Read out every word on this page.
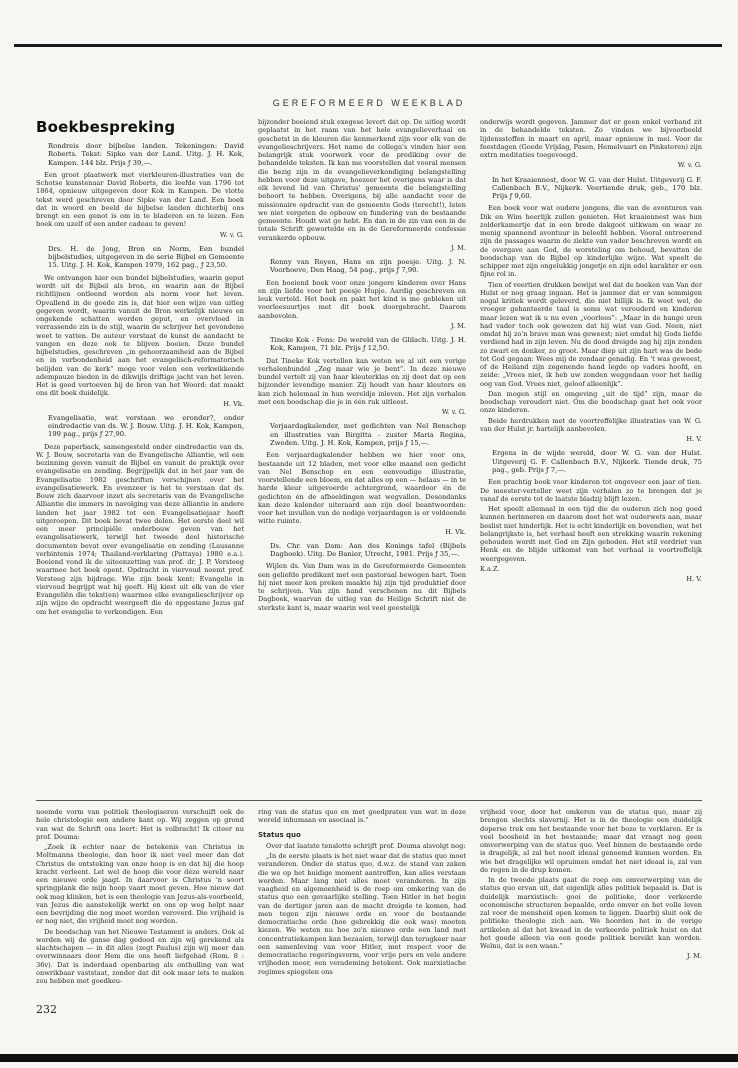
GEREFORMEERD WEEKBLAD
Boekbespreking
Rondreis door bijbelse landen. Tekeningen: David Roberts. Tekst: Sipke van der Land. Uitg. J. H. Kok, Kampen. 144 blz. Prijs ƒ 39,—.

Een groot plaatwerk met vierkleuren-illustraties van de Schotse kunstenaar David Roberts, die leefde van 1796 tot 1864, opnieuw uitgegeven door Kok in Kampen. De vlotte tekst werd geschreven door Sipke van der Land. Een boek dat in woord en beeld de bijbelse landen dichterbij ons brengt en een genot is om in te bladeren en te lezen. Een boek om uzelf of een ander cadeau te geven!

W. v. G.

Drs. H. de Jong, Bron en Norm, Een bundel bijbelstudies, uitgegeven in de serie Bijbel en Gemeente 15. Uitg. J. H. Kok, Kampen 1979, 162 pag., ƒ 23,50.

We ontvangen hier een bundel bijbelstudies, waarin geput wordt uit de Bijbel als bron, en waarin aan de Bijbel richtlijnen ontleend worden als norm voor het leven. Opvallend in de goede zin is, dat hier een wijze van uitleg gegeven wordt, waarin vanuit de Bron werkelijk nieuwe en ongekende schatten worden geput, en overvloed in verrassende zin is de stijl, waarin de schrijver het gevondene weet te vatten. De auteur verstaat de kunst de aandacht te vangen en deze ook te blijven boeien. Deze bundel bijbelstudies, geschreven „in gehoorzaamheid aan de Bijbel en in verbondenheid aan het evangelisch-reformatorisch belijden van de kerk” moge voor velen een verkwikkende adempauze bieden in de dikwijls driftige jacht van het leven. Het is goed vertoeven bij de bron van het Woord: dat maakt ons dit boek duidelijk.

H. Vk.

Evangelisatie, wat verstaan we eronder?, onder eindredactie van ds. W. J. Bouw. Uitg. J. H. Kok, Kampen, 199 pag., prijs ƒ 27,90.

Deze paperback, samengesteld onder eindredactie van ds. W. J. Bouw, secretaris van de Evangelische Alliantie, wil een bezinning geven vanuit de Bijbel en vanuit de praktijk over evangelisatie en zending. Begrijpelijk dat in het jaar van de Evangelisatie 1982 geschriften verschijnen over het evangelisatiewerk. En evenzeer is het te verstaan dat ds. Bouw zich daarvoor inzet als secretaris van de Evangelische Alliantie die immers in navolging van deze alliantie in andere landen het jaar 1982 tot een Evangelisatiejaar heeft uitgeroepen. Dit boek bevat twee delen. Het eerste deel wil een meer principiële onderbouw geven van het evangelisatiewerk, terwijl het tweede deel historische documenten bevat over evangelisatie en zending (Lausanne verbintenis 1974; Thailand-verklaring (Pattaya) 1980 e.a.). Boeiend vond ik de uiteenzetting van prof. dr. J. P. Versteeg waarmee het boek opent. Opdracht in viervoud noemt prof. Versteeg zijn bijdrage. Wie zijn boek kent: Evangelie in viervoud begrijpt wat hij geeft. Hij kiest uit elk van de vier Evangeliën die tekst(en) waarmee elke evangelieschrijver op zijn wijze de opdracht weergeeft die de opgestane Jezus gaf om het evangelie te verkondigen. Een

bijzonder boeiend stuk exegese levert dat op. De uitleg wordt geplaatst in het raam van het hele evangelieverhaal en geschetst in de kleuren die kenmerkend zijn voor elk van de evangelieschrijvers. Het name de collega's vinden hier een belangrijk stuk voorwerk voor de prediking over de behandelde teksten. Ik kan me voorstellen dat vooral mensen die bezig zijn in de evangelieverkondiging belangstelling hebben voor deze uitgave, hoezeer het overigens waar is dat elk levend lid van Christus' gemeente die belangstelling behoort te hebben. Overigens, bij alle aandacht voor de missionaire opdracht van de gemeente Gods (terecht!), laten we niet vergeten de opbouw en fundering van de bestaande gemeente. Houdt wat ge hebt. En dan in de zin van een in de totale Schrift gewortelde en in de Gereformeerde confessie verankerde opbouw.

J. M.

Renny van Royen, Hans en zijn poesje. Uitg. J. N. Voorhoeve, Den Haag, 54 pag., prijs ƒ 7,90.

Een boeiend boek voor onze jongere kinderen over Hans en zijn liefde voor het poesje Hupje. Aardig geschreven en leuk verteld. Het boek en pakt het kind is me gebleken uit voorleesuurtjes met dit boek doorgebracht. Daarom aanbevolen.

J. M.

Tineke Kok - Fens: De wereld van de Glilach. Uitg. J. H. Kok, Kampen, 71 blz. Prijs ƒ 12,50.

Dat Tineke Kok vertellen kan weten we al uit een vorige verhalenbundel „Zeg maar wie je bent”. In deze nieuwe bundel vertelt zij van haar kleuterklas en zij doet dat op een bijzonder levendige manier. Zij houdt van haar kleuters en kan zich helemaal in hun wereldje inleven. Het zijn verhalen met een boodschap die je in één ruk uitleest.

W. v. G.

Verjaardagkalender, met gedichten van Nel Benschop en illustraties van Birgitta - zuster Maria Regina, Zweden. Uitg. J. H. Kok, Kampen, prijs ƒ 15,—.

Een verjaardagkalender hebben we hier voor ons, bestaande uit 12 bladen, met voor elke maand een gedicht van Nel Benschop en een eenvoudige illustratie, voorstellende een bloem, en dat alles op een — helaas — in te harde kleur uitgevoerde achtergrond, waardoor én de gedichten én de afbeeldingen wat wegvallen. Desondanks kan deze kalender uiteraard aan zijn doel beantwoorden: voor het invullen van de nodige verjaardagen is er voldoende witte ruimte.

H. Vk.

Ds. Chr. van Dam: Aan des Konings tafel (Bijbels Dagboek). Uitg. De Banier, Utrecht, 1981. Prijs ƒ 35,—.

Wijlen ds. Van Dam was in de Gereformeerde Gemeenten een geliefde predikant met een pastoraal bewogen hart. Toen hij niet meer kon preken maakte hij zijn tijd produktief door te schrijven. Van zijn hand verschenen nu dit Bijbels Dagboek, waarvan de uitleg van de Heilige Schrift niet de sterkste kant is, maar waarin wel veel geestelijk

onderwijs wordt gegeven. Jammer dat er geen enkel verband zit in de behandelde teksten. Zo vinden we bijvoorbeeld lijdensstoffen in maart en april, maar opnieuw in mei. Voor de feestdagen (Goede Vrijdag, Pasen, Hemelvaart en Pinksteren) zijn extra meditaties toegevoegd.

W. v. G.

In het Kraaiennest, door W. G. van der Hulst. Uitgeverij G. F. Callenbach B.V., Nijkerk. Veertiende druk, geb., 170 blz. Prijs ƒ 9,60.

Een boek voor wat oudere jongens, die van de avonturen van Dik en Wim heerlijk zullen genieten. Het kraaiennest was hun zolderkamertje dat in een brede dakgoot uitkwam en waar ze menig spannend avontuur in beleefd hebben. Vooral ontroerend zijn de passages waarin de ziekte van vader beschreven wordt en de overgave aan God, de worsteling om behoud, bevatten de boodschap van de Bijbel op kinderlijke wijze. Wat speelt de schipper met zijn ongelukkig jongetje en zijn edel karakter er een fijne rol in.

Tien of veertien drukken bewijst wel dat de boeken van Van der Hulst er nog graag ingaan. Het is jammer dat er van sommigen nogal kritiek wordt geleverd, die niet billijk is. Ik weet wel, de vroeger gehanteerde taal is soms wat verouderd en kinderen maar lezen wat ik u nu even „voorlees”: „Maar in de bange uren had vader toch ook gewezen dat hij wist van God. Neen, niet omdat hij zo'n brave man was geweest; niet omdat hij Gods liefde verdiend had in zijn leven. Nu de dood dreigde zag hij zijn zonden zo zwart en donker, zo groot. Maar diep uit zijn hart was de bede tot God gegaan: Wees mij de zondaar genadig. En 't was geweest, of de Heiland zijn zegenende hand legde op vaders hoofd, en zeide: „Vrees niet, ik heb uw zonden weggedaan voor het heilig oog van God. Vrees niet, geloof alleenlijk”.

Dan mogen stijl en omgeving „uit de tijd” zijn, maar de boodschap veroudert niet. Om die boodschap gaat het ook voor onze kinderen.

Beide herdrukken met de voortreffelijke illustraties van W. G. van der Hulst jr. hartelijk aanbevolen.

H. V.

Ergens in de wijde wereld, door W. G. van der Hulst. Uitgeverij G. F. Callenbach B.V., Nijkerk. Tiende druk, 75 pag., geb. Prijs ƒ 7,—.

Een prachtig boek voor kinderen tot ongeveer een jaar of tien. De meester-verteller weet zijn verhalen zo te brengen dat je vanaf de eerste tot de laatste bladzij blijft lezen.

Het speelt allemaal in een tijd die de ouderen zich nog goed kunnen herinneren en daarom doet het wat ouderwets aan, maar beslist niet hinderlijk. Het is echt kinderlijk en bovendien, wat het belangrijkste is, het verhaal heeft een strekking waarin rekening gehouden wordt met God en Zijn geboden. Het stil verdriet van Henk en de blijde uitkomst van het verhaal is voortreffelijk weergegeven.

K.a.Z.

H. V.

noemde vorm van politiek theologiseren verschuift ook de hele christologie een andere kant op. Wij zeggen op grond van wat de Schrift ons leert: Het is volbracht! Ik citeer nu prof. Douma:

„Zoek ik echter naar de betekenis van Christus in Moltmanns theologie, dan hoor ik niet veel meer dan dat Christus de ontsteking van onze hoop is en dat hij die hoop kracht verleent. Let wel de hoop die voor déze wereld naar een nieuwe orde jaagt. In daarvoor is Christus 'n soort springplank die mijn hoop vaart moet geven. Hoe nieuw dat ook mag klinken, het is een theologie van Jezus-als-voorbeeld, van Jezus die aanstekelijk werkt en ons op weg helpt naar een bevrijding die nog moet worden veroverd. Die vrijheid is er nog niet, die vrijheid moet nog worden.

De boodschap van het Nieuwe Testament is anders. Ook al worden wij de ganse dag gedood en zijn wij gerekend als slachtschapen — in dit alles (zegt Paulus) zijn wij meer dan overwinnaars door Hem die ons heeft liefgehad (Rom. 8 : 36v). Dat is inderdaad openbaring als onthulling van wat onwrikbaar vaststaat, zonder dat dit ook maar iets te maken zou hebben met goedkeu-

ring van de status quo en met goedpraten van wat in deze wereld inhumaan en asociaal is.”

Status quo

Over dat laatste tenslotte schrijft prof. Douma alsvolgt nog:

„In de eerste plaats is het niet waar dat de status quo moet veranderen. Onder de status quo, d.w.z. de stand van zaken die we op het huidige moment aantreffen, kan alles verstaan worden. Maar lang niet alles moet veranderen. In zijn vaagheid en algemeenheid is de roep om omkering van de status quo een gevaarlijke stelling. Toen Hitler in het begin van de dertiger jaren aan de macht dreigde te komen, had men tegen zijn nieuwe orde en voor de bestaande democratische orde (hoe gebrekkig die ook was) moeten kiezen. We weten nu hoe zo'n nieuwe orde een land met concentratiekampen kan bezaaien, terwijl dan terugkeer naar een samenleving van voor Hitler, met respect voor de democratische regeringsvorm, voor vrije pers en vele andere vrijheden meer, een verademing betekent. Ook marxistische regimes spiegelen ons

vrijheid voor, door het omkeren van de status quo, maar zij brengen slechts slavernij. Het is in de theologie een duidelijk doperse trek om het bestaande voor het boze te verklaren. Er is veel boosheid in het bestaande; maar dat vraagt nog geen omverwerping van de status quo. Veel binnen de bestaande orde is dragelijk, al zal het nooit ideaal genoemd kunnen worden. En wie het dragelijke wil opruimen omdat het niet ideaal is, zal van de regen in de drup komen.

In de tweede plaats gaat de roep om omverwerping van de status quo ervan uit, dat eigenlijk alles politiek bepaald is. Dat is duidelijk marxistisch: gooi de politieke, door verkeerde economische structuren bepaalde, orde omver en het volle leven zal voor de mensheid open komen te liggen. Daarbij sluit ook de politieke theologie zich aan. We hoorden het in de vorige artikelen al dat het kwaad in de verkeerde politiek huist en dat het goede alleen via een goede politiek bereikt kan worden. Welnu, dat is een waan.”

J. M.

232
